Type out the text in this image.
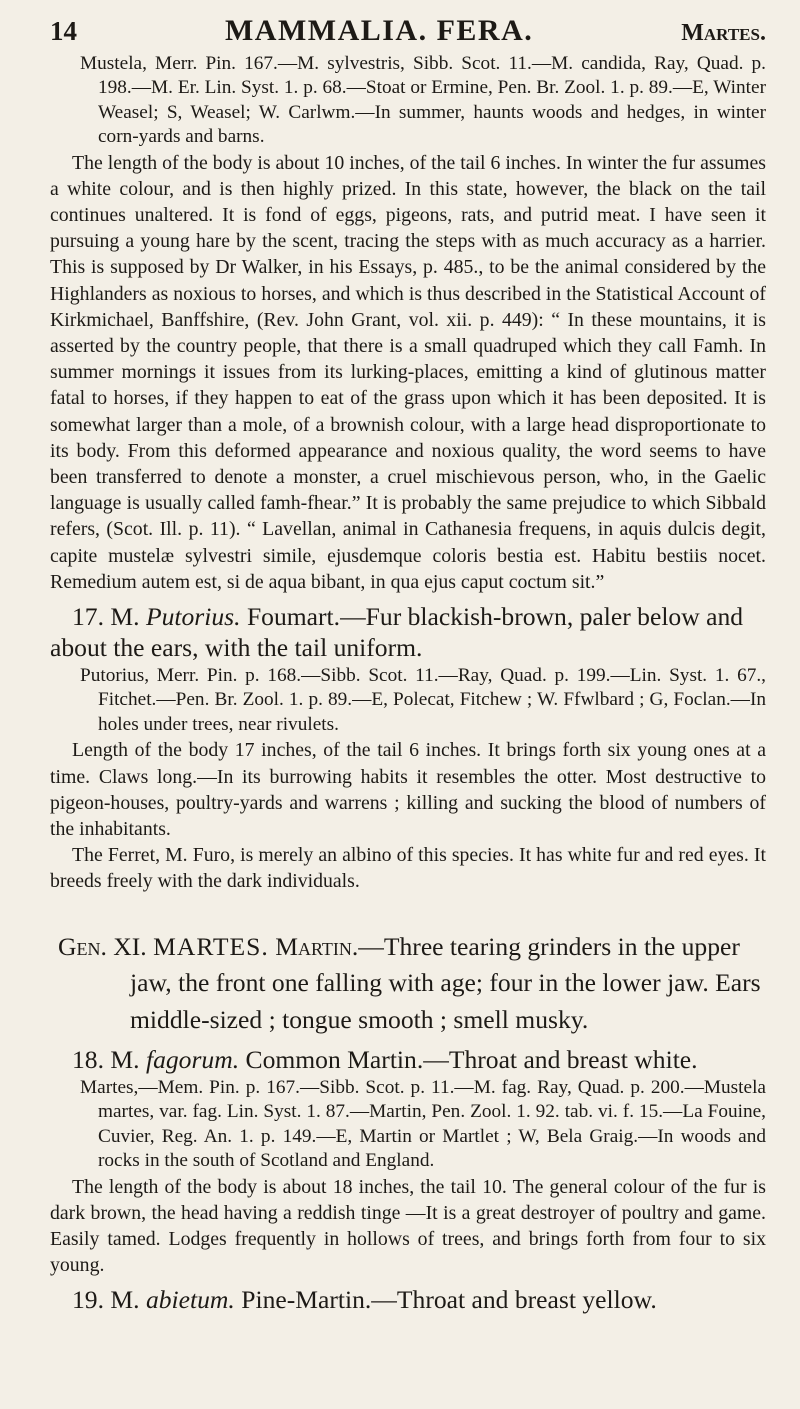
14	MAMMALIA. FERA.	Martes.

Mustela, Merr. Pin. 167.—M. sylvestris, Sibb. Scot. 11.—M. candida, Ray, Quad. p. 198.—M. Er. Lin. Syst. 1. p. 68.—Stoat or Ermine, Pen. Br. Zool. 1. p. 89.—E, Winter Weasel; S, Weasel; W. Carlwm.—In summer, haunts woods and hedges, in winter corn-yards and barns.

The length of the body is about 10 inches, of the tail 6 inches. In winter the fur assumes a white colour, and is then highly prized. In this state, however, the black on the tail continues unaltered. It is fond of eggs, pigeons, rats, and putrid meat. I have seen it pursuing a young hare by the scent, tracing the steps with as much accuracy as a harrier. This is supposed by Dr Walker, in his Essays, p. 485., to be the animal considered by the Highlanders as noxious to horses, and which is thus described in the Statistical Account of Kirkmichael, Banffshire, (Rev. John Grant, vol. xii. p. 449): “ In these mountains, it is asserted by the country people, that there is a small quadruped which they call Famh. In summer mornings it issues from its lurking-places, emitting a kind of glutinous matter fatal to horses, if they happen to eat of the grass upon which it has been deposited. It is somewhat larger than a mole, of a brownish colour, with a large head disproportionate to its body. From this deformed appearance and noxious quality, the word seems to have been transferred to denote a monster, a cruel mischievous person, who, in the Gaelic language is usually called famh-fhear.” It is probably the same prejudice to which Sibbald refers, (Scot. Ill. p. 11). “ Lavellan, animal in Cathanesia frequens, in aquis dulcis degit, capite mustelæ sylvestri simile, ejusdemque coloris bestia est. Habitu bestiis nocet. Remedium autem est, si de aqua bibant, in qua ejus caput coctum sit.”

17. M. Putorius. Foumart.—Fur blackish-brown, paler below and about the ears, with the tail uniform.

Putorius, Merr. Pin. p. 168.—Sibb. Scot. 11.—Ray, Quad. p. 199.—Lin. Syst. 1. 67., Fitchet.—Pen. Br. Zool. 1. p. 89.—E, Polecat, Fitchew ; W. Ffwlbard ; G, Foclan.—In holes under trees, near rivulets.

Length of the body 17 inches, of the tail 6 inches. It brings forth six young ones at a time. Claws long.—In its burrowing habits it resembles the otter. Most destructive to pigeon-houses, poultry-yards and warrens ; killing and sucking the blood of numbers of the inhabitants.

The Ferret, M. Furo, is merely an albino of this species. It has white fur and red eyes. It breeds freely with the dark individuals.

Gen. XI. MARTES. Martin.—Three tearing grinders in the upper jaw, the front one falling with age; four in the lower jaw. Ears middle-sized ; tongue smooth ; smell musky.

18. M. fagorum. Common Martin.—Throat and breast white.

Martes,—Mem. Pin. p. 167.—Sibb. Scot. p. 11.—M. fag. Ray, Quad. p. 200.—Mustela martes, var. fag. Lin. Syst. 1. 87.—Martin, Pen. Zool. 1. 92. tab. vi. f. 15.—La Fouine, Cuvier, Reg. An. 1. p. 149.—E, Martin or Martlet ; W, Bela Graig.—In woods and rocks in the south of Scotland and England.

The length of the body is about 18 inches, the tail 10. The general colour of the fur is dark brown, the head having a reddish tinge —It is a great destroyer of poultry and game. Easily tamed. Lodges frequently in hollows of trees, and brings forth from four to six young.

19. M. abietum. Pine-Martin.—Throat and breast yellow.
